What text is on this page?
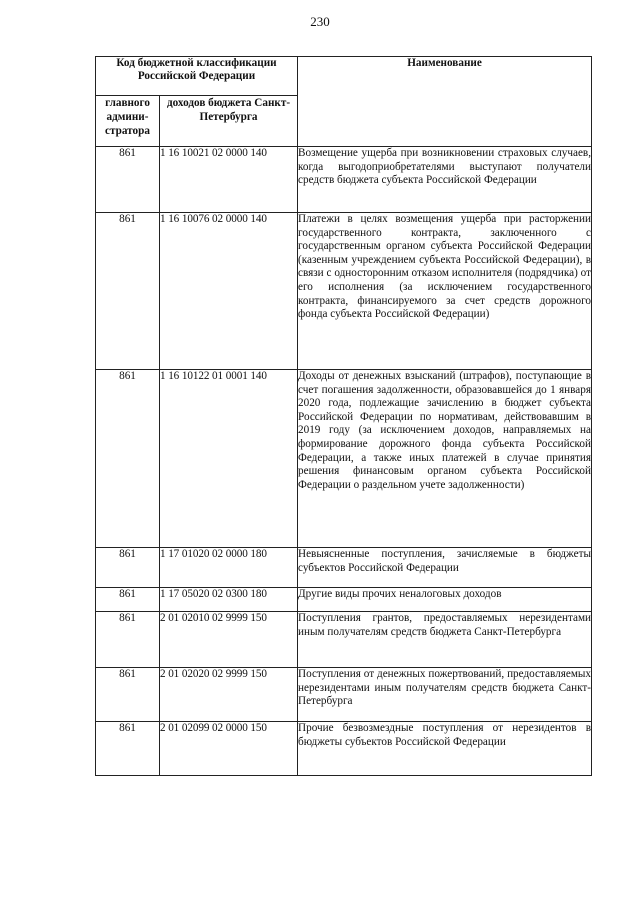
230
Код бюджетной классификации Российской Федерации		Наименование
главного админи-стратора	доходов бюджета Санкт-Петербурга	
861	1 16 10021 02 0000 140	Возмещение ущерба при возникновении страховых случаев, когда выгодоприобретателями выступают получатели средств бюджета субъекта Российской Федерации
861	1 16 10076 02 0000 140	Платежи в целях возмещения ущерба при расторжении государственного контракта, заключенного с государственным органом субъекта Российской Федерации (казенным учреждением субъекта Российской Федерации), в связи с односторонним отказом исполнителя (подрядчика) от его исполнения (за исключением государственного контракта, финансируемого за счет средств дорожного фонда субъекта Российской Федерации)
861	1 16 10122 01 0001 140	Доходы от денежных взысканий (штрафов), поступающие в счет погашения задолженности, образовавшейся до 1 января 2020 года, подлежащие зачислению в бюджет субъекта Российской Федерации по нормативам, действовавшим в 2019 году (за исключением доходов, направляемых на формирование дорожного фонда субъекта Российской Федерации, а также иных платежей в случае принятия решения финансовым органом субъекта Российской Федерации о раздельном учете задолженности)
861	1 17 01020 02 0000 180	Невыясненные поступления, зачисляемые в бюджеты субъектов Российской Федерации
861	1 17 05020 02 0300 180	Другие виды прочих неналоговых доходов
861	2 01 02010 02 9999 150	Поступления грантов, предоставляемых нерезидентами иным получателям средств бюджета Санкт-Петербурга
861	2 01 02020 02 9999 150	Поступления от денежных пожертвований, предоставляемых нерезидентами иным получателям средств бюджета Санкт-Петербурга
861	2 01 02099 02 0000 150	Прочие безвозмездные поступления от нерезидентов в бюджеты субъектов Российской Федерации
